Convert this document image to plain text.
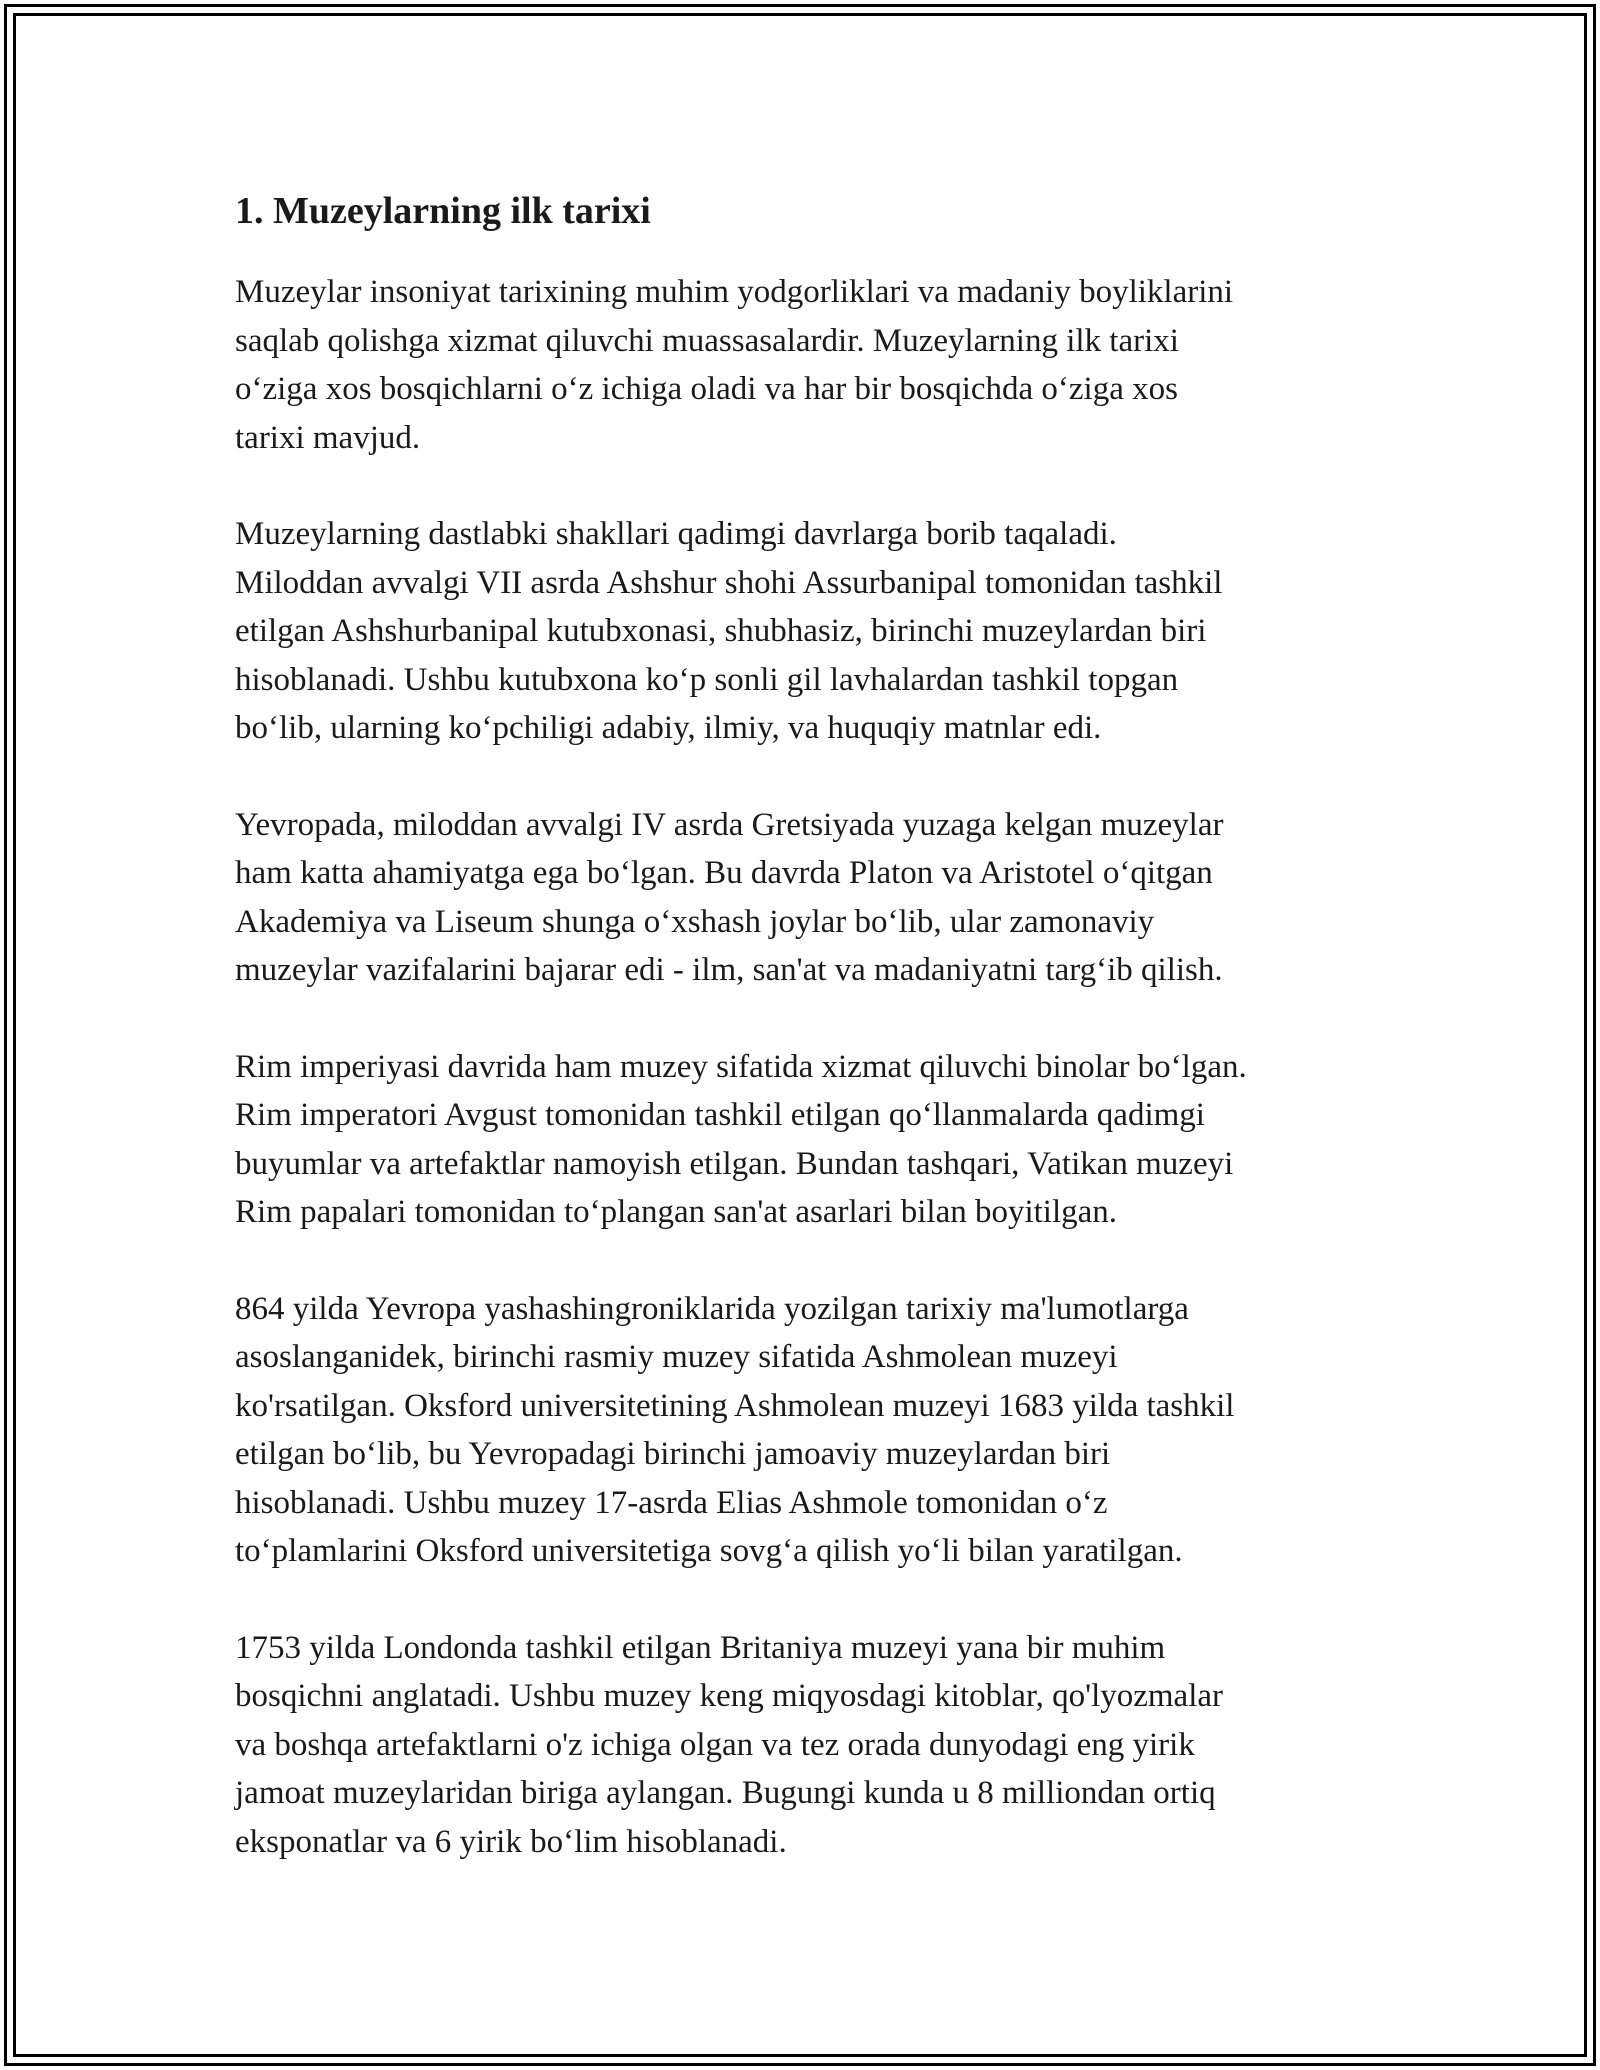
1. Muzeylarning ilk tarixi

Muzeylar insoniyat tarixining muhim yodgorliklari va madaniy boyliklarini
saqlab qolishga xizmat qiluvchi muassasalardir. Muzeylarning ilk tarixi
o‘ziga xos bosqichlarni o‘z ichiga oladi va har bir bosqichda o‘ziga xos
tarixi mavjud.

Muzeylarning dastlabki shakllari qadimgi davrlarga borib taqaladi.
Miloddan avvalgi VII asrda Ashshur shohi Assurbanipal tomonidan tashkil
etilgan Ashshurbanipal kutubxonasi, shubhasiz, birinchi muzeylardan biri
hisoblanadi. Ushbu kutubxona ko‘p sonli gil lavhalardan tashkil topgan
bo‘lib, ularning ko‘pchiligi adabiy, ilmiy, va huquqiy matnlar edi.

Yevropada, miloddan avvalgi IV asrda Gretsiyada yuzaga kelgan muzeylar
ham katta ahamiyatga ega bo‘lgan. Bu davrda Platon va Aristotel o‘qitgan
Akademiya va Liseum shunga o‘xshash joylar bo‘lib, ular zamonaviy
muzeylar vazifalarini bajarar edi - ilm, san'at va madaniyatni targ‘ib qilish.

Rim imperiyasi davrida ham muzey sifatida xizmat qiluvchi binolar bo‘lgan.
Rim imperatori Avgust tomonidan tashkil etilgan qo‘llanmalarda qadimgi
buyumlar va artefaktlar namoyish etilgan. Bundan tashqari, Vatikan muzeyi
Rim papalari tomonidan to‘plangan san'at asarlari bilan boyitilgan.

864 yilda Yevropa yashashingroniklarida yozilgan tarixiy ma'lumotlarga
asoslanganidek, birinchi rasmiy muzey sifatida Ashmolean muzeyi
ko'rsatilgan. Oksford universitetining Ashmolean muzeyi 1683 yilda tashkil
etilgan bo‘lib, bu Yevropadagi birinchi jamoaviy muzeylardan biri
hisoblanadi. Ushbu muzey 17-asrda Elias Ashmole tomonidan o‘z
to‘plamlarini Oksford universitetiga sovg‘a qilish yo‘li bilan yaratilgan.

1753 yilda Londonda tashkil etilgan Britaniya muzeyi yana bir muhim
bosqichni anglatadi. Ushbu muzey keng miqyosdagi kitoblar, qo'lyozmalar
va boshqa artefaktlarni o'z ichiga olgan va tez orada dunyodagi eng yirik
jamoat muzeylaridan biriga aylangan. Bugungi kunda u 8 milliondan ortiq
eksponatlar va 6 yirik bo‘lim hisoblanadi.
